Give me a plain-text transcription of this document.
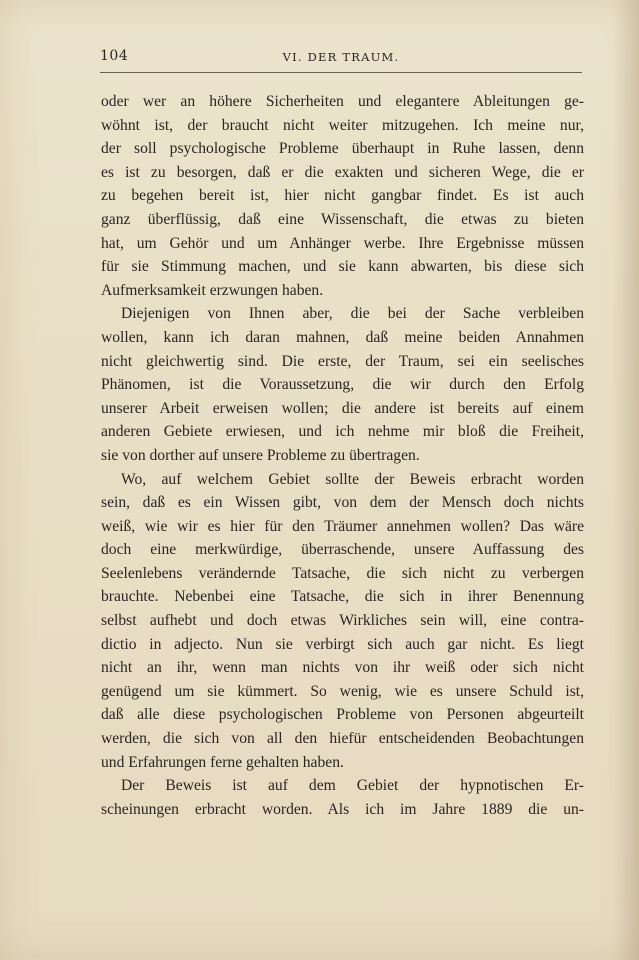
104	VI. DER TRAUM.
oder wer an höhere Sicherheiten und elegantere Ableitungen ge-
wöhnt ist, der braucht nicht weiter mitzugehen. Ich meine nur,
der soll psychologische Probleme überhaupt in Ruhe lassen, denn
es ist zu besorgen, daß er die exakten und sicheren Wege, die er
zu begehen bereit ist, hier nicht gangbar findet. Es ist auch
ganz überflüssig, daß eine Wissenschaft, die etwas zu bieten
hat, um Gehör und um Anhänger werbe. Ihre Ergebnisse müssen
für sie Stimmung machen, und sie kann abwarten, bis diese sich
Aufmerksamkeit erzwungen haben.
Diejenigen von Ihnen aber, die bei der Sache verbleiben
wollen, kann ich daran mahnen, daß meine beiden Annahmen
nicht gleichwertig sind. Die erste, der Traum, sei ein seelisches
Phänomen, ist die Voraussetzung, die wir durch den Erfolg
unserer Arbeit erweisen wollen; die andere ist bereits auf einem
anderen Gebiete erwiesen, und ich nehme mir bloß die Freiheit,
sie von dorther auf unsere Probleme zu übertragen.
Wo, auf welchem Gebiet sollte der Beweis erbracht worden
sein, daß es ein Wissen gibt, von dem der Mensch doch nichts
weiß, wie wir es hier für den Träumer annehmen wollen? Das wäre
doch eine merkwürdige, überraschende, unsere Auffassung des
Seelenlebens verändernde Tatsache, die sich nicht zu verbergen
brauchte. Nebenbei eine Tatsache, die sich in ihrer Benennung
selbst aufhebt und doch etwas Wirkliches sein will, eine contra-
dictio in adjecto. Nun sie verbirgt sich auch gar nicht. Es liegt
nicht an ihr, wenn man nichts von ihr weiß oder sich nicht
genügend um sie kümmert. So wenig, wie es unsere Schuld ist,
daß alle diese psychologischen Probleme von Personen abgeurteilt
werden, die sich von all den hiefür entscheidenden Beobachtungen
und Erfahrungen ferne gehalten haben.
Der Beweis ist auf dem Gebiet der hypnotischen Er-
scheinungen erbracht worden. Als ich im Jahre 1889 die un-
